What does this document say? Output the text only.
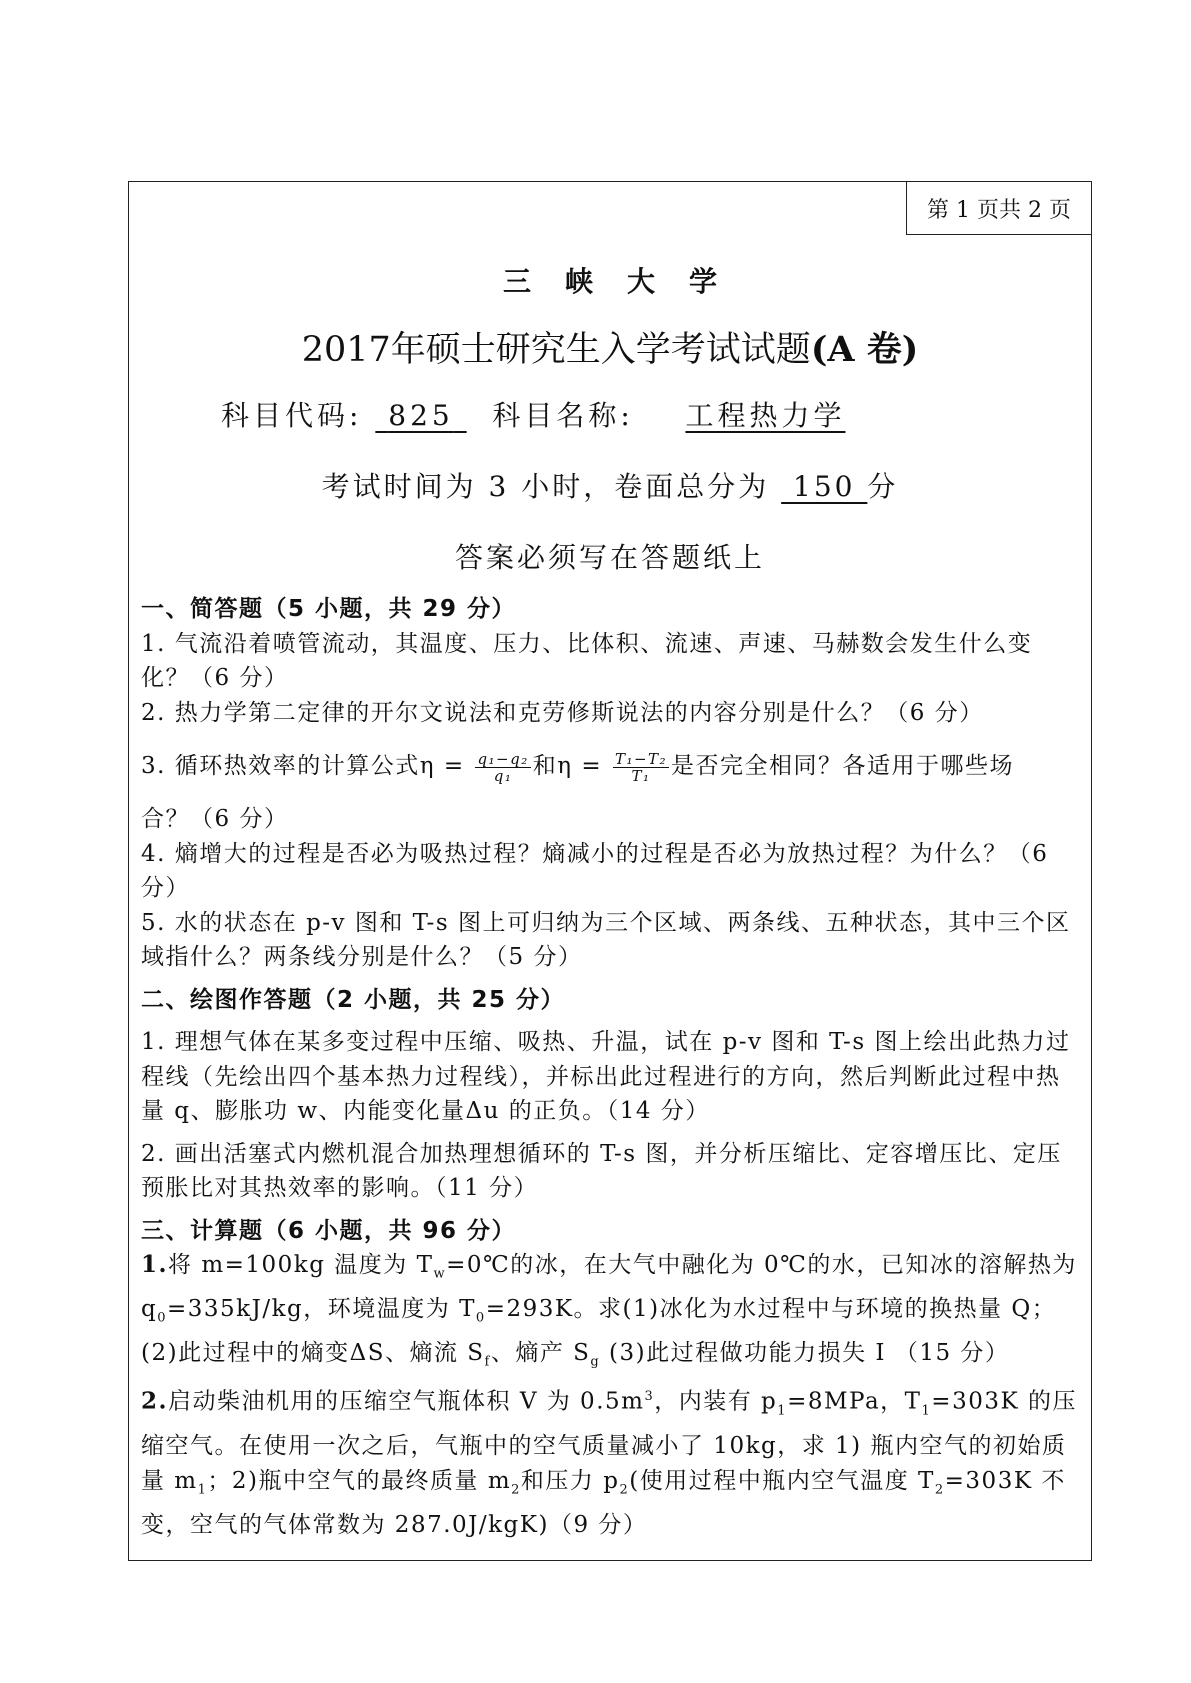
第 1 页共 2 页
三峡大学
2017年硕士研究生入学考试试题(A 卷)
科目代码: 825 科目名称: 工程热力学
考试时间为 3 小时，卷面总分为 150 分
答案必须写在答题纸上

一、简答题（5 小题，共 29 分）

1. 气流沿着喷管流动，其温度、压力、比体积、流速、声速、马赫数会发生什么变化？（6 分）

2. 热力学第二定律的开尔文说法和克劳修斯说法的内容分别是什么？（6 分）

3. 循环热效率的计算公式$\eta = \frac{\text{q₁−q₂}}{\text{q₁}}$ 和$\eta = \frac{\text{T₁−T₂}}{\text{T₁}}$ 是否完全相同？各适用于哪些场

合？（6 分）

4. 熵增大的过程是否必为吸热过程？熵减小的过程是否必为放热过程？为什么？（6 分）

5. 水的状态在 p-v 图和 T-s 图上可归纳为三个区域、两条线、五种状态，其中三个区域指什么？两条线分别是什么？（5 分）

二、绘图作答题（2 小题，共 25 分）

1. 理想气体在某多变过程中压缩、吸热、升温，试在 p-v 图和 T-s 图上绘出此热力过程线（先绘出四个基本热力过程线），并标出此过程进行的方向，然后判断此过程中热量 q、膨胀功 w、内能变化量Δu 的正负。（14 分）

2. 画出活塞式内燃机混合加热理想循环的 T-s 图，并分析压缩比、定容增压比、定压预胀比对其热效率的影响。（11 分）

三、计算题（6 小题，共 96 分）

1.将 m=100kg 温度为 $T_w=0℃$的冰，在大气中融化为 0℃的水，已知冰的溶解热为 $q_0=335kJ/kg$，环境温度为 $T_0=293K$。求(1)冰化为水过程中与环境的换热量 Q；(2)此过程中的熵变ΔS、熵流 $S_f$、熵产 $S_g$ (3)此过程做功能力损失 I （15 分）

2.启动柴油机用的压缩空气瓶体积 V 为 $0.5m^3$，内装有 $p_1=8MPa$，$T_1=303K$ 的压缩空气。在使用一次之后，气瓶中的空气质量减小了 10kg，求 1) 瓶内空气的初始质量 $m_1$；2)瓶中空气的最终质量 $m_2$和压力 $p_2$(使用过程中瓶内空气温度 $T_2=303K$ 不变，空气的气体常数为 287.0J/kgK)（9 分）
